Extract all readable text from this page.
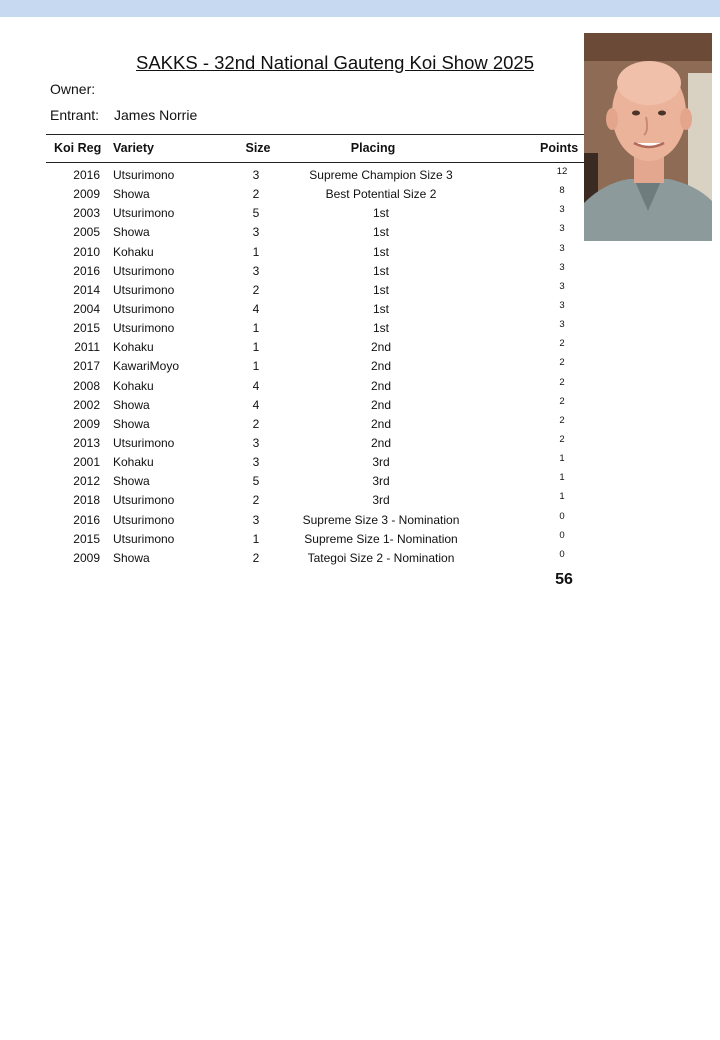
SAKKS - 32nd National Gauteng Koi Show 2025
Owner:
Entrant: James Norrie
Koi Reg Variety	Size	Placing	Points
2016 Utsurimono	3	Supreme Champion Size 3	12
2009 Showa	2	Best Potential Size 2	8
2003 Utsurimono	5	1st	3
2005 Showa	3	1st	3
2010 Kohaku	1	1st	3
2016 Utsurimono	3	1st	3
2014 Utsurimono	2	1st	3
2004 Utsurimono	4	1st	3
2015 Utsurimono	1	1st	3
2011 Kohaku	1	2nd	2
2017 KawariMoyo	1	2nd	2
2008 Kohaku	4	2nd	2
2002 Showa	4	2nd	2
2009 Showa	2	2nd	2
2013 Utsurimono	3	2nd	2
2001 Kohaku	3	3rd	1
2012 Showa	5	3rd	1
2018 Utsurimono	2	3rd	1
2016 Utsurimono	3	Supreme Size 3 - Nomination	0
2015 Utsurimono	1	Supreme Size 1- Nomination	0
2009 Showa	2	Tategoi Size 2 - Nomination	0
56
